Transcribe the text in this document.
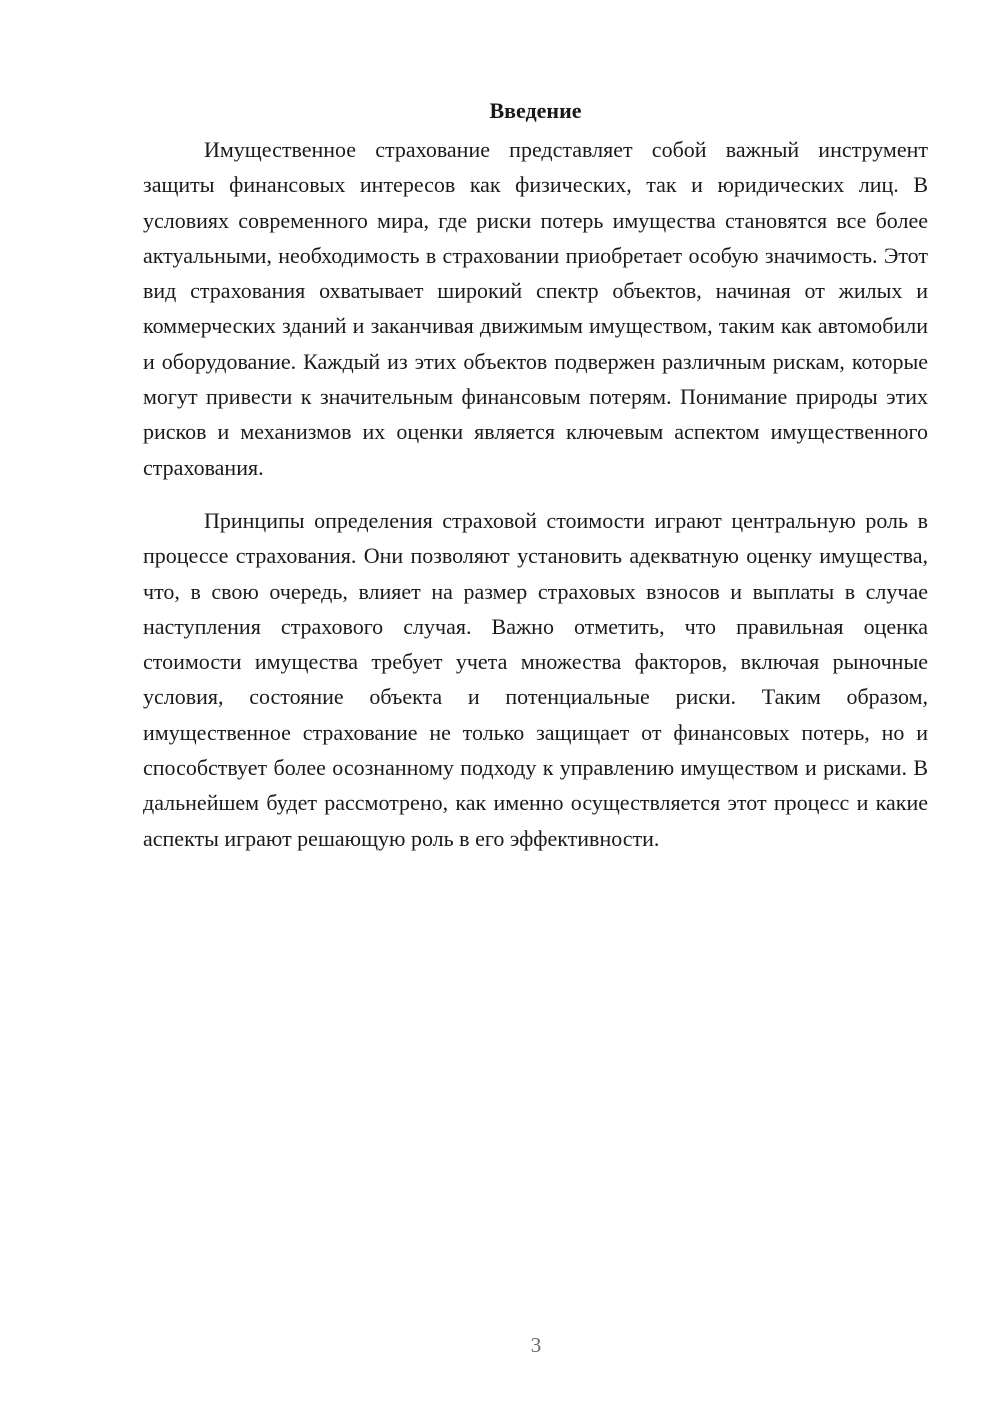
Введение

Имущественное страхование представляет собой важный инструмент защиты финансовых интересов как физических, так и юридических лиц. В условиях современного мира, где риски потерь имущества становятся все более актуальными, необходимость в страховании приобретает особую значимость. Этот вид страхования охватывает широкий спектр объектов, начиная от жилых и коммерческих зданий и заканчивая движимым имуществом, таким как автомобили и оборудование. Каждый из этих объектов подвержен различным рискам, которые могут привести к значительным финансовым потерям. Понимание природы этих рисков и механизмов их оценки является ключевым аспектом имущественного страхования.

Принципы определения страховой стоимости играют центральную роль в процессе страхования. Они позволяют установить адекватную оценку имущества, что, в свою очередь, влияет на размер страховых взносов и выплаты в случае наступления страхового случая. Важно отметить, что правильная оценка стоимости имущества требует учета множества факторов, включая рыночные условия, состояние объекта и потенциальные риски. Таким образом, имущественное страхование не только защищает от финансовых потерь, но и способствует более осознанному подходу к управлению имуществом и рисками. В дальнейшем будет рассмотрено, как именно осуществляется этот процесс и какие аспекты играют решающую роль в его эффективности.

3
